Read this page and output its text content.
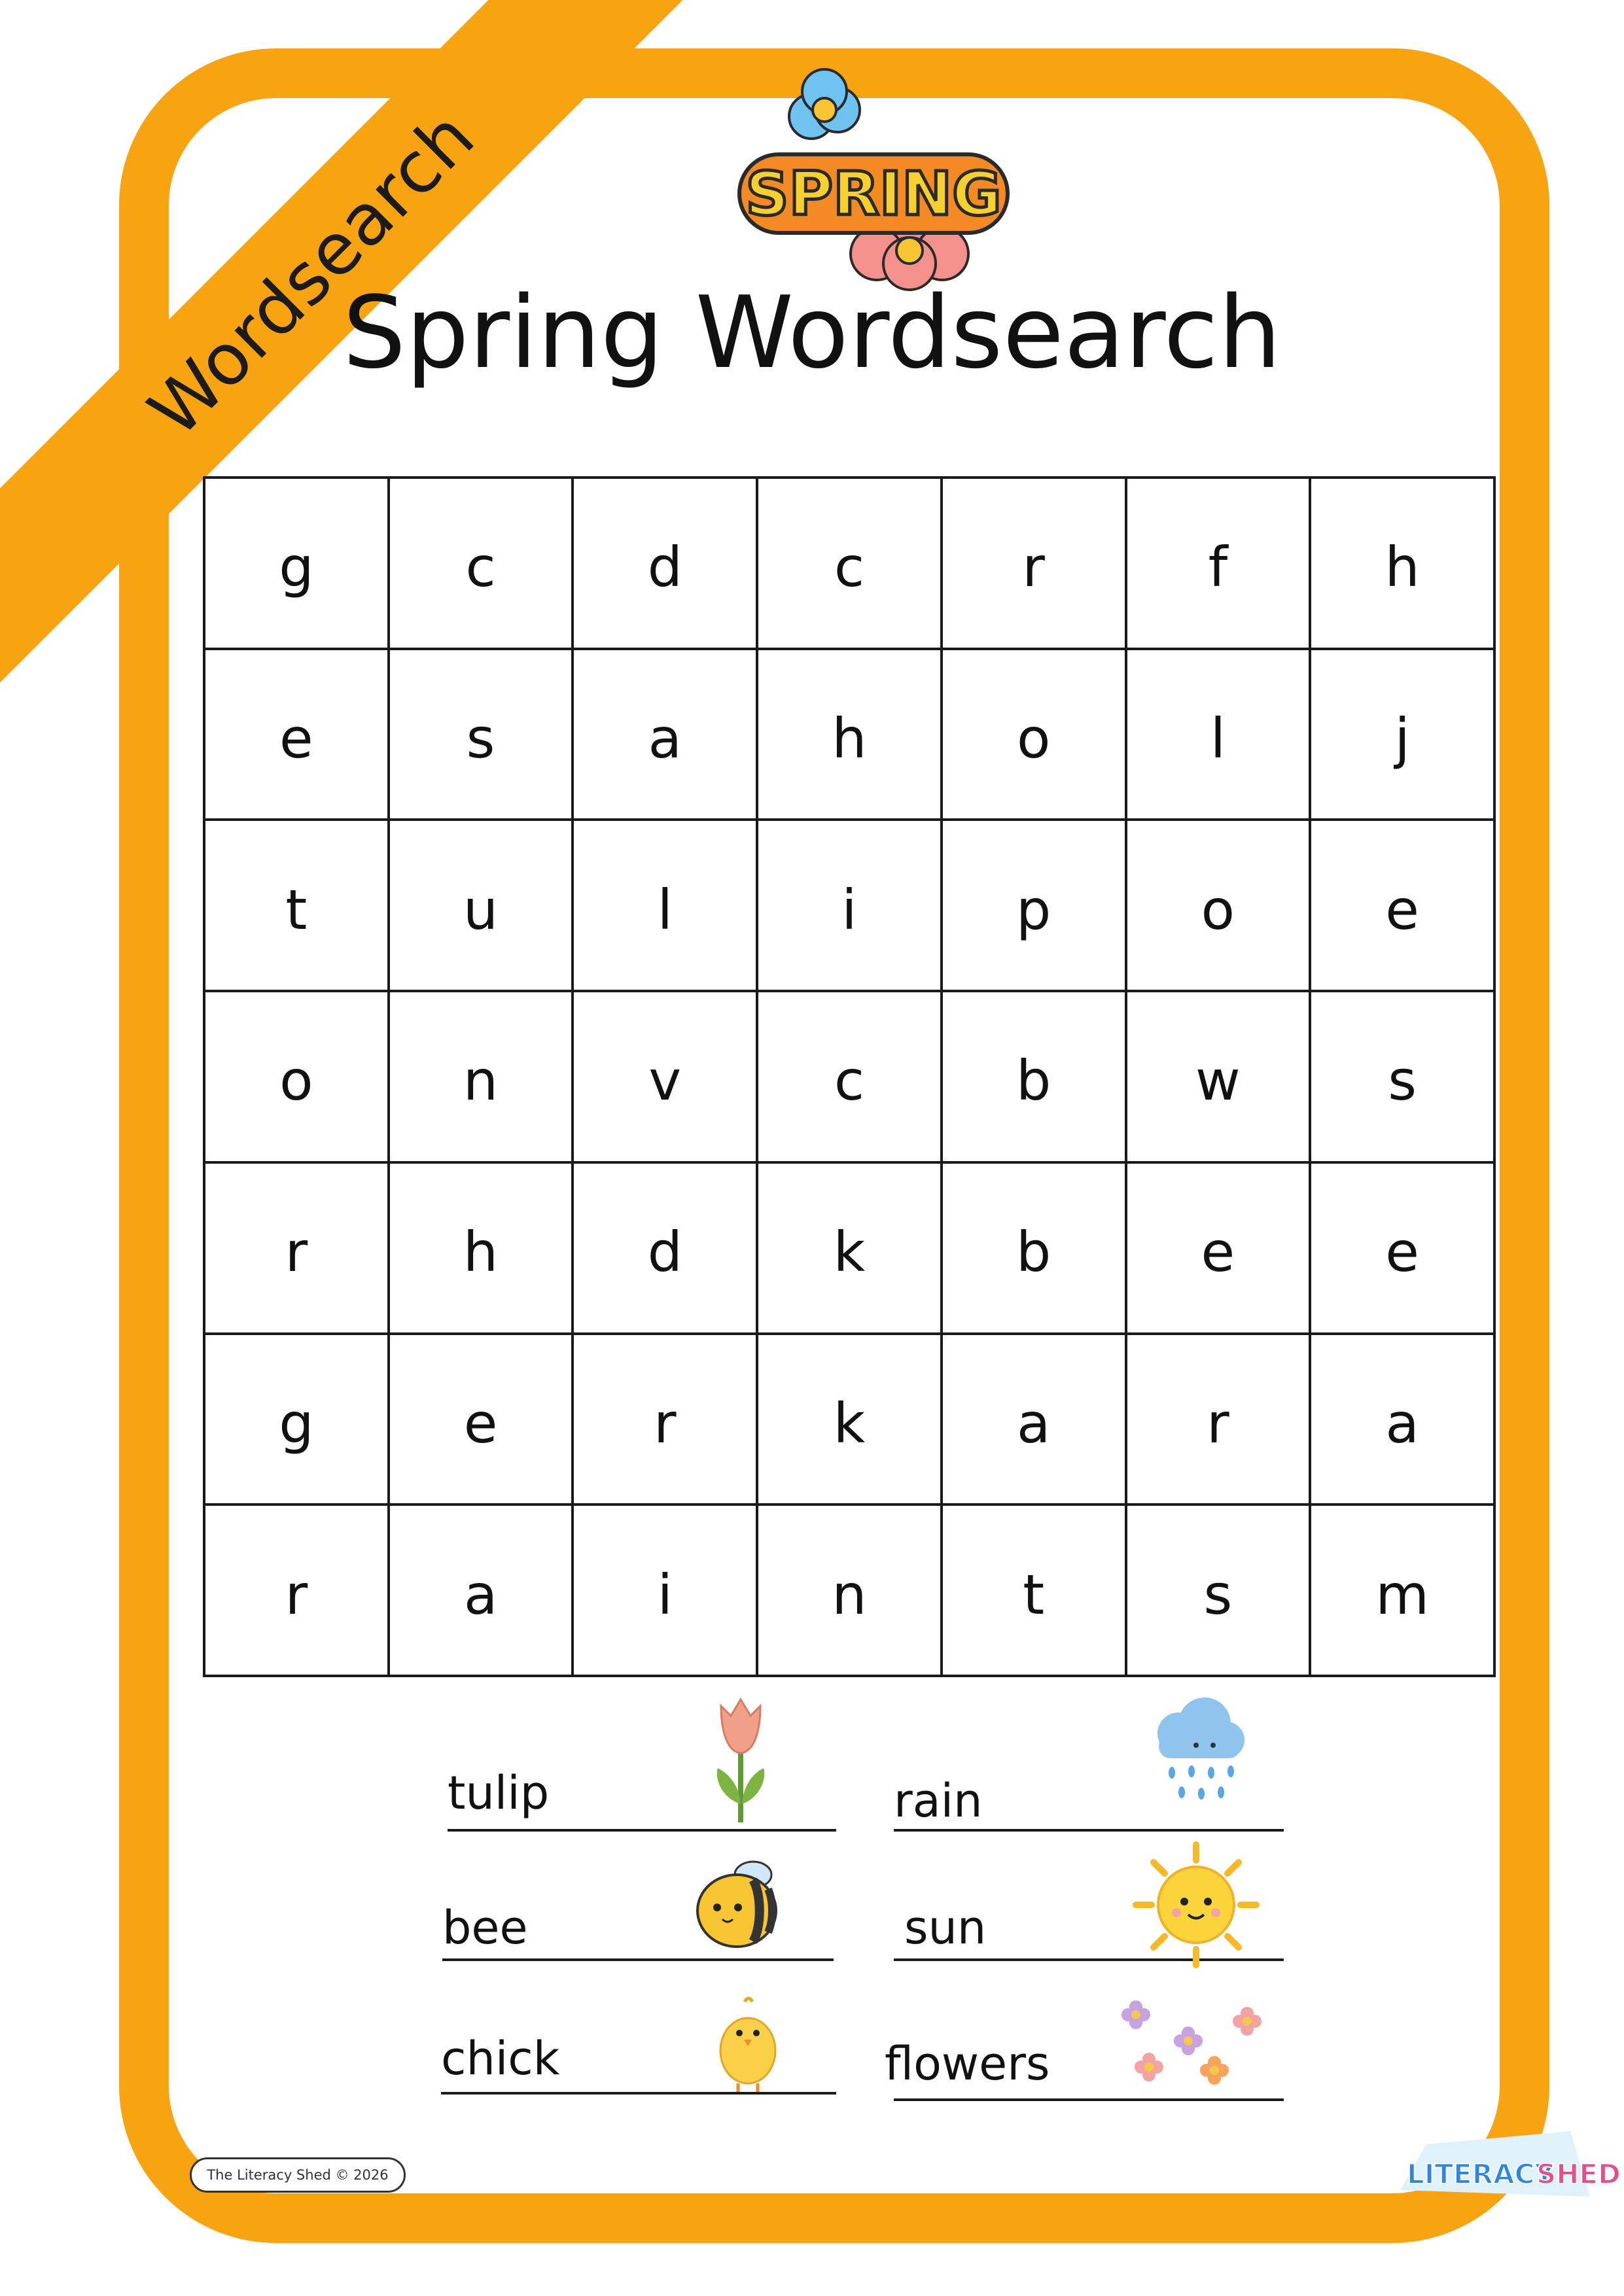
Wordsearch	SPRING
Spring Wordsearch
g	c	d	c	r	f	h
e	s	a	h	o	l	j
t	u	l	i	p	o	e
o	n	v	c	b	w	s
r	h	d	k	b	e	e
g	e	r	k	a	r	a
r	a	i	n	t	s	m
tulip	rain
bee	sun
chick	flowers
The Literacy Shed © 2026	LITERACY
SHED
